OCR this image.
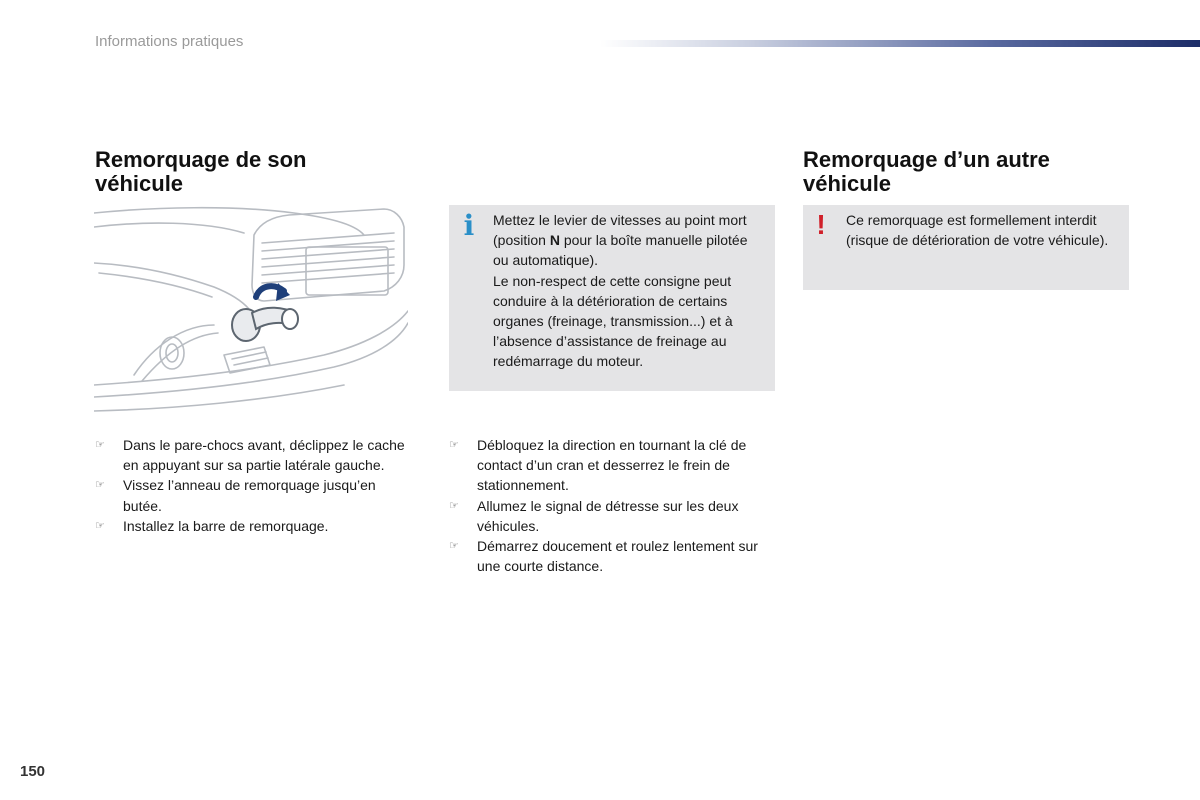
Informations pratiques
Remorquage de son
véhicule
i Mettez le levier de vitesses au point mort (position N pour la boîte manuelle pilotée ou automatique).

Le non-respect de cette consigne peut conduire à la détérioration de certains organes (freinage, transmission...) et à l’absence d’assistance de freinage au redémarrage du moteur.

Remorquage d’un autre
véhicule
! Ce remorquage est formellement interdit (risque de détérioration de votre véhicule).
☞ Dans le pare-chocs avant, déclippez le cache en appuyant sur sa partie latérale gauche.
☞ Vissez l’anneau de remorquage jusqu’en butée.
☞ Installez la barre de remorquage.
☞ Débloquez la direction en tournant la clé de contact d’un cran et desserrez le frein de stationnement.
☞ Allumez le signal de détresse sur les deux véhicules.
☞ Démarrez doucement et roulez lentement sur une courte distance.
150
